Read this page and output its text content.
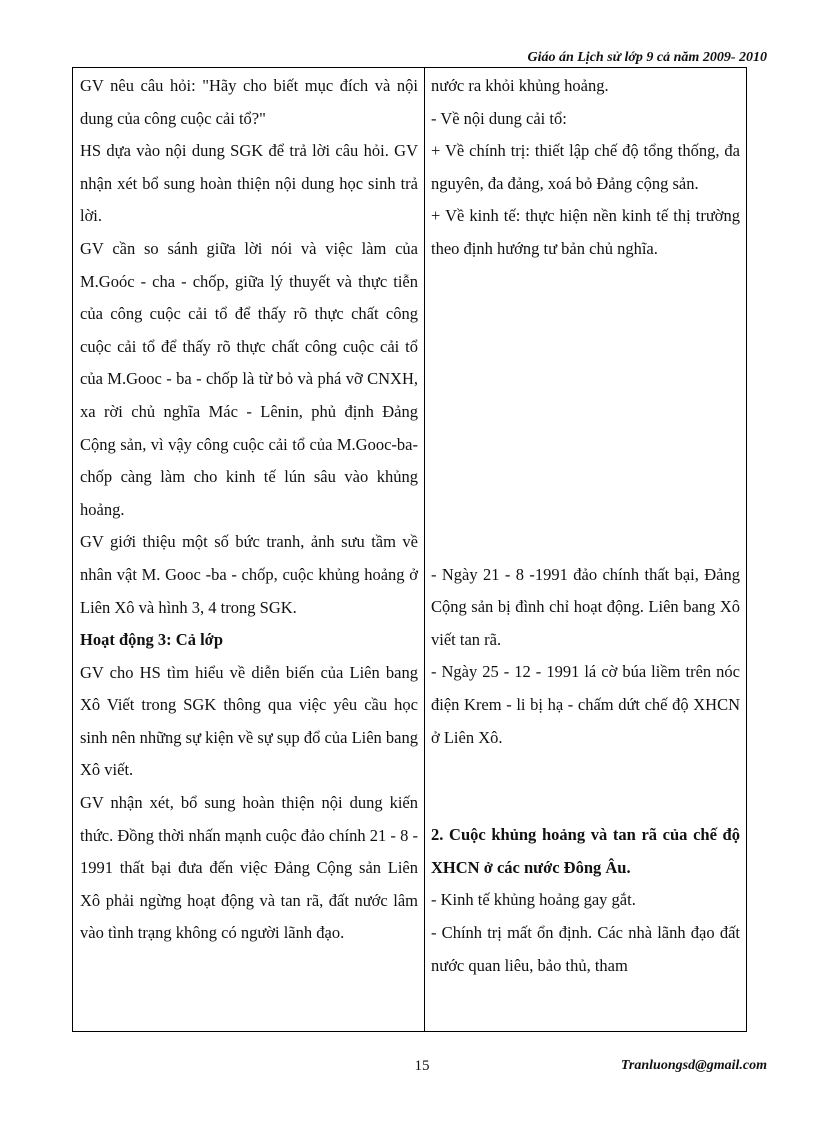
Giáo án Lịch sử lớp 9 cả năm 2009- 2010
GV nêu câu hỏi: "Hãy cho biết mục đích và nội dung của công cuộc cải tổ?"
HS dựa vào nội dung SGK để trả lời câu hỏi. GV nhận xét bổ sung hoàn thiện nội dung học sinh trả lời.
GV cần so sánh giữa lời nói và việc làm của M.Goóc - cha - chốp, giữa lý thuyết và thực tiễn của công cuộc cải tổ để thấy rõ thực chất công cuộc cải tổ để thấy rõ thực chất công cuộc cải tổ của M.Gooc - ba - chốp là từ bỏ và phá vỡ CNXH, xa rời chủ nghĩa Mác - Lênin, phủ định Đảng Cộng sản, vì vậy công cuộc cải tổ của M.Gooc-ba-chốp càng làm cho kinh tế lún sâu vào khủng hoảng.
GV giới thiệu một số bức tranh, ảnh sưu tầm về nhân vật M. Gooc -ba - chốp, cuộc khủng hoảng ở Liên Xô và hình 3, 4 trong SGK.
Hoạt động 3: Cả lớp
GV cho HS tìm hiểu về diễn biến của Liên bang Xô Viết trong SGK thông qua việc yêu cầu học sinh nên những sự kiện về sự sụp đổ của Liên bang Xô viết.
GV nhận xét, bổ sung hoàn thiện nội dung kiến thức. Đồng thời nhấn mạnh cuộc đảo chính 21 - 8 - 1991 thất bại đưa đến việc Đảng Cộng sản Liên Xô phải ngừng hoạt động và tan rã, đất nước lâm vào tình trạng không có người lãnh đạo.
nước ra khỏi khủng hoảng.
- Về nội dung cải tổ:
+ Về chính trị: thiết lập chế độ tổng thống, đa nguyên, đa đảng, xoá bỏ Đảng cộng sản.
+ Về kinh tế: thực hiện nền kinh tế thị trường theo định hướng tư bản chủ nghĩa.
- Ngày 21 - 8 -1991 đảo chính thất bại, Đảng Cộng sản bị đình chỉ hoạt động. Liên bang Xô viết tan rã.
- Ngày 25 - 12 - 1991 lá cờ búa liềm trên nóc điện Krem - li bị hạ - chấm dứt chế độ XHCN ở Liên Xô.
2. Cuộc khủng hoảng và tan rã của chế độ XHCN ở các nước Đông Âu.
- Kinh tế khủng hoảng gay gắt.
- Chính trị mất ổn định. Các nhà lãnh đạo đất nước quan liêu, bảo thủ, tham
15	Tranluongsd@gmail.com
